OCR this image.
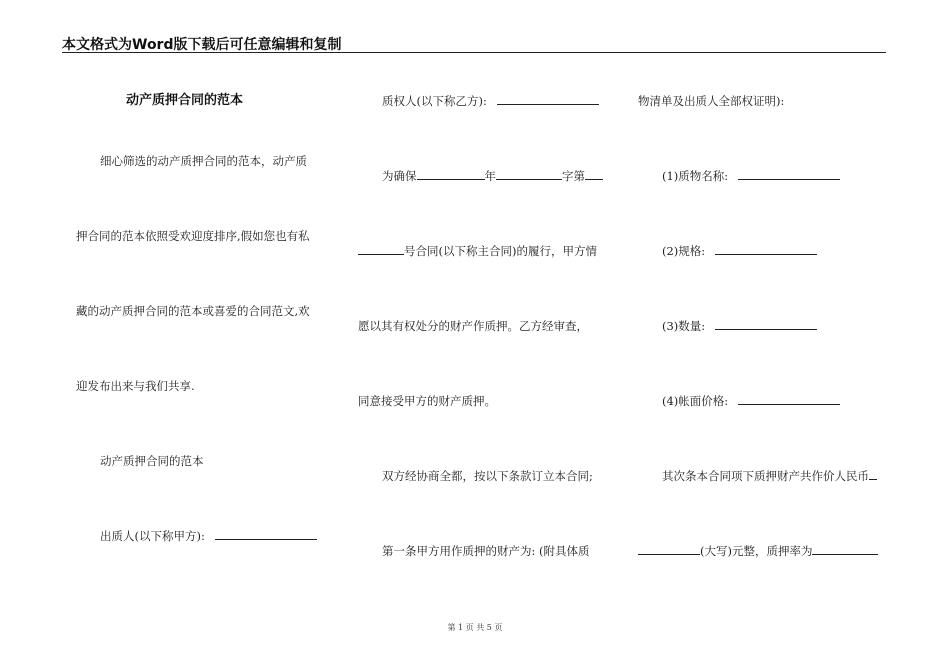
本文格式为Word版下载后可任意编辑和复制
动产质押合同的范本
细心筛选的动产质押合同的范本，动产质
押合同的范本依照受欢迎度排序,假如您也有私
藏的动产质押合同的范本或喜爱的合同范文,欢
迎发布出来与我们共享.
动产质押合同的范本
出质人(以下称甲方):
质权人(以下称乙方):
为确保	年	字第
号合同(以下称主合同)的履行，甲方情
愿以其有权处分的财产作质押。乙方经审查，
同意接受甲方的财产质押。
双方经协商全都，按以下条款订立本合同;
第一条甲方用作质押的财产为: (附具体质
物清单及出质人全部权证明):
(1)质物名称:
(2)规格:
(3)数量:
(4)帐面价格:
其次条本合同项下质押财产共作价人民币
(大写)元整，质押率为
第 1 页 共 5 页
